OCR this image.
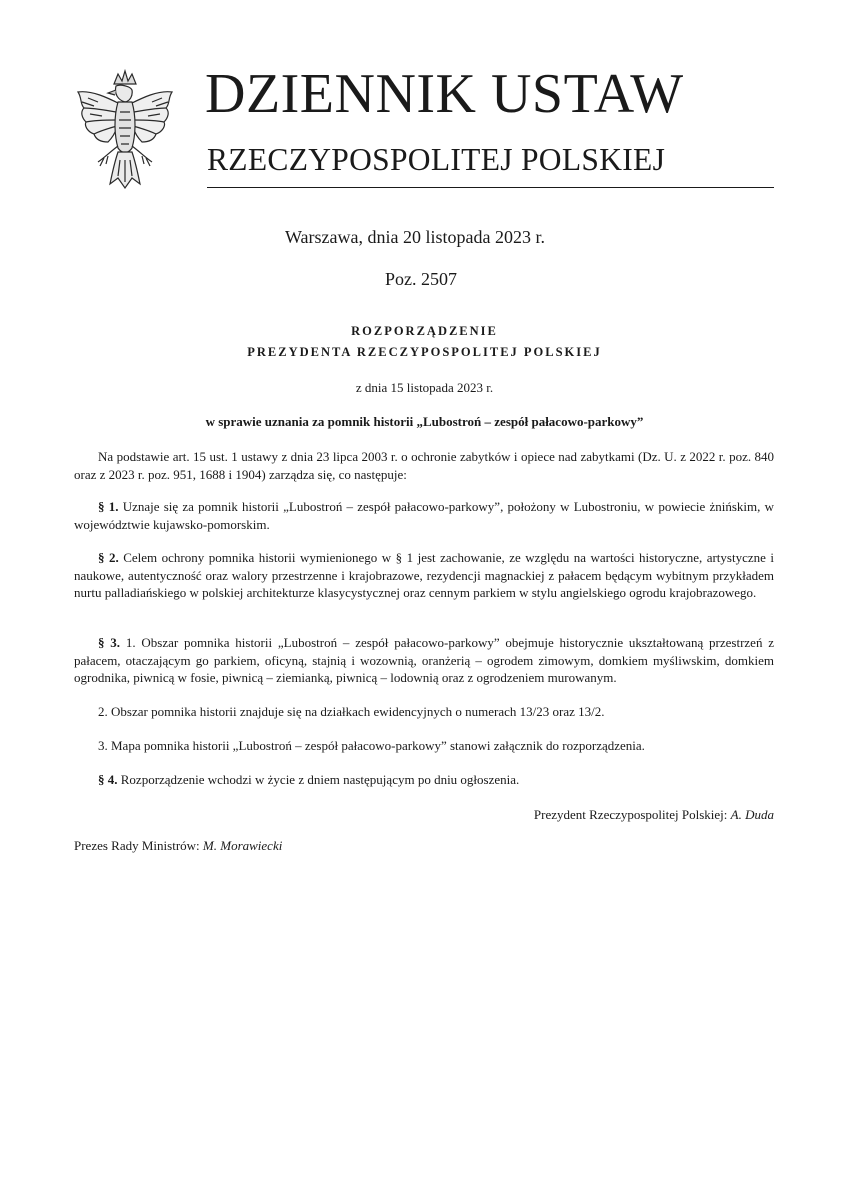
DZIENNIK USTAW
RZECZYPOSPOLITEJ POLSKIEJ
Warszawa, dnia 20 listopada 2023 r.
Poz. 2507
ROZPORZĄDZENIE
PREZYDENTA RZECZYPOSPOLITEJ POLSKIEJ
z dnia 15 listopada 2023 r.
w sprawie uznania za pomnik historii „Lubostroń – zespół pałacowo-parkowy”
Na podstawie art. 15 ust. 1 ustawy z dnia 23 lipca 2003 r. o ochronie zabytków i opiece nad zabytkami (Dz. U. z 2022 r. poz. 840 oraz z 2023 r. poz. 951, 1688 i 1904) zarządza się, co następuje:
§ 1. Uznaje się za pomnik historii „Lubostroń – zespół pałacowo-parkowy”, położony w Lubostroniu, w powiecie żnińskim, w województwie kujawsko-pomorskim.
§ 2. Celem ochrony pomnika historii wymienionego w § 1 jest zachowanie, ze względu na wartości historyczne, artystyczne i naukowe, autentyczność oraz walory przestrzenne i krajobrazowe, rezydencji magnackiej z pałacem będącym wybitnym przykładem nurtu palladiańskiego w polskiej architekturze klasycystycznej oraz cennym parkiem w stylu angielskiego ogrodu krajobrazowego.
§ 3. 1. Obszar pomnika historii „Lubostroń – zespół pałacowo-parkowy” obejmuje historycznie ukształtowaną przestrzeń z pałacem, otaczającym go parkiem, oficyną, stajnią i wozownią, oranżerią – ogrodem zimowym, domkiem myśliwskim, domkiem ogrodnika, piwnicą w fosie, piwnicą – ziemianką, piwnicą – lodownią oraz z ogrodzeniem murowanym.
2. Obszar pomnika historii znajduje się na działkach ewidencyjnych o numerach 13/23 oraz 13/2.
3. Mapa pomnika historii „Lubostroń – zespół pałacowo-parkowy” stanowi załącznik do rozporządzenia.
§ 4. Rozporządzenie wchodzi w życie z dniem następującym po dniu ogłoszenia.
Prezydent Rzeczypospolitej Polskiej: A. Duda
Prezes Rady Ministrów: M. Morawiecki
